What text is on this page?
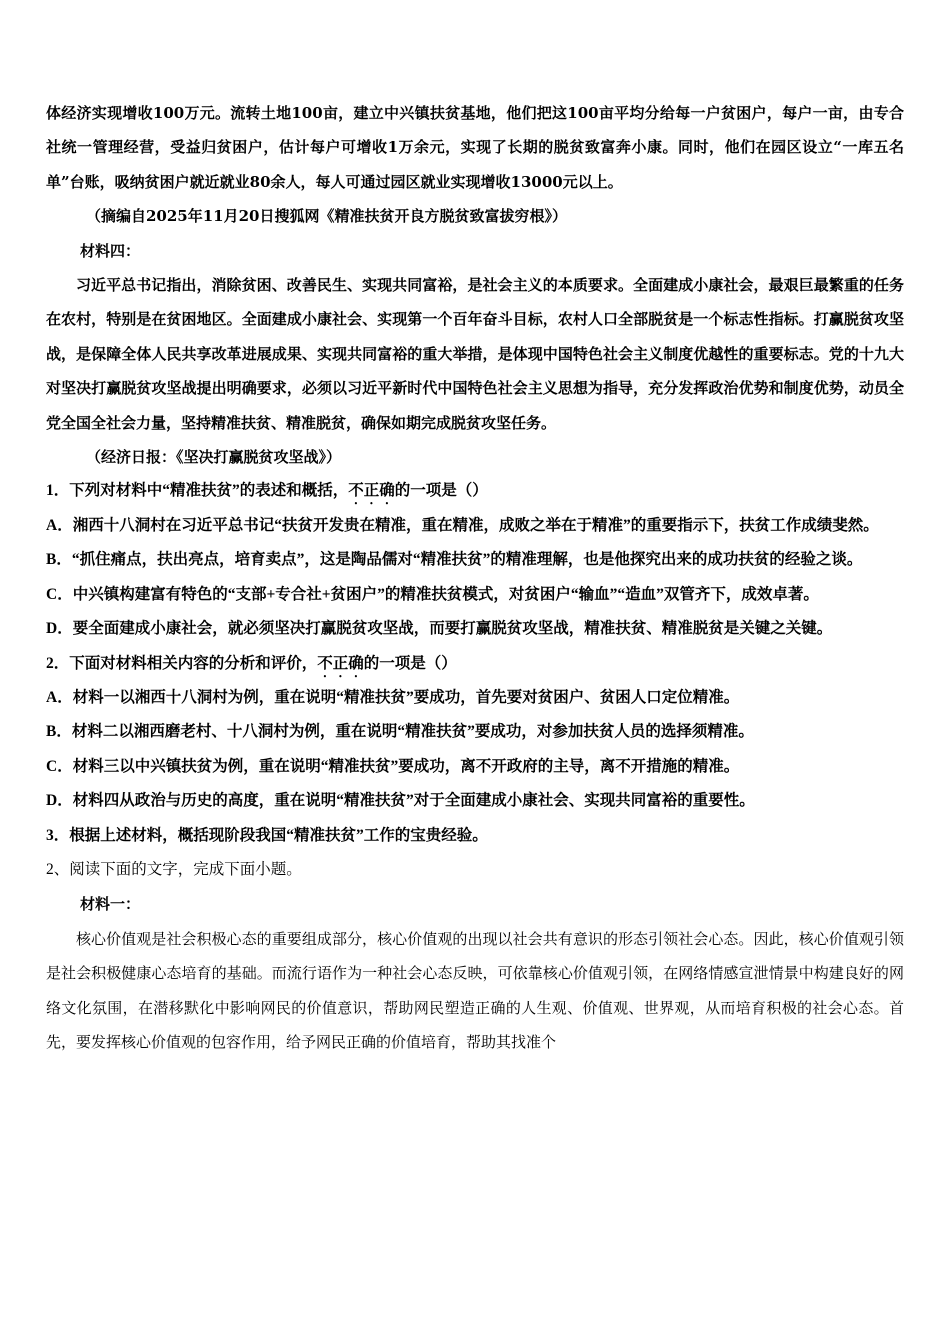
体经济实现增收100万元。流转土地100亩，建立中兴镇扶贫基地，他们把这100亩平均分给每一户贫困户，每户一亩，由专合社统一管理经营，受益归贫困户，估计每户可增收1万余元，实现了长期的脱贫致富奔小康。同时，他们在园区设立“一库五名单”台账，吸纳贫困户就近就业80余人，每人可通过园区就业实现增收13000元以上。

（摘编自2025年11月20日搜狐网《精准扶贫开良方脱贫致富拔穷根》）

材料四：

习近平总书记指出，消除贫困、改善民生、实现共同富裕，是社会主义的本质要求。全面建成小康社会，最艰巨最繁重的任务在农村，特别是在贫困地区。全面建成小康社会、实现第一个百年奋斗目标，农村人口全部脱贫是一个标志性指标。打赢脱贫攻坚战，是保障全体人民共享改革进展成果、实现共同富裕的重大举措，是体现中国特色社会主义制度优越性的重要标志。党的十九大对坚决打赢脱贫攻坚战提出明确要求，必须以习近平新时代中国特色社会主义思想为指导，充分发挥政治优势和制度优势，动员全党全国全社会力量，坚持精准扶贫、精准脱贫，确保如期完成脱贫攻坚任务。

（经济日报：《坚决打赢脱贫攻坚战》）

1．下列对材料中“精准扶贫”的表述和概括，不正确的一项是（）

A．湘西十八洞村在习近平总书记“扶贫开发贵在精准，重在精准，成败之举在于精准”的重要指示下，扶贫工作成绩斐然。

B．“抓住痛点，扶出亮点，培育卖点”，这是陶品儒对“精准扶贫”的精准理解，也是他探究出来的成功扶贫的经验之谈。

C．中兴镇构建富有特色的“支部+专合社+贫困户”的精准扶贫模式，对贫困户“输血”“造血”双管齐下，成效卓著。

D．要全面建成小康社会，就必须坚决打赢脱贫攻坚战，而要打赢脱贫攻坚战，精准扶贫、精准脱贫是关键之关键。

2．下面对材料相关内容的分析和评价，不正确的一项是（）

A．材料一以湘西十八洞村为例，重在说明“精准扶贫”要成功，首先要对贫困户、贫困人口定位精准。

B．材料二以湘西磨老村、十八洞村为例，重在说明“精准扶贫”要成功，对参加扶贫人员的选择须精准。

C．材料三以中兴镇扶贫为例，重在说明“精准扶贫”要成功，离不开政府的主导，离不开措施的精准。

D．材料四从政治与历史的高度，重在说明“精准扶贫”对于全面建成小康社会、实现共同富裕的重要性。

3．根据上述材料，概括现阶段我国“精准扶贫”工作的宝贵经验。

2、阅读下面的文字，完成下面小题。

材料一：

核心价值观是社会积极心态的重要组成部分，核心价值观的出现以社会共有意识的形态引领社会心态。因此，核心价值观引领是社会积极健康心态培育的基础。而流行语作为一种社会心态反映，可依靠核心价值观引领，在网络情感宣泄情景中构建良好的网络文化氛围，在潜移默化中影响网民的价值意识，帮助网民塑造正确的人生观、价值观、世界观，从而培育积极的社会心态。首先，要发挥核心价值观的包容作用，给予网民正确的价值培育，帮助其找准个
